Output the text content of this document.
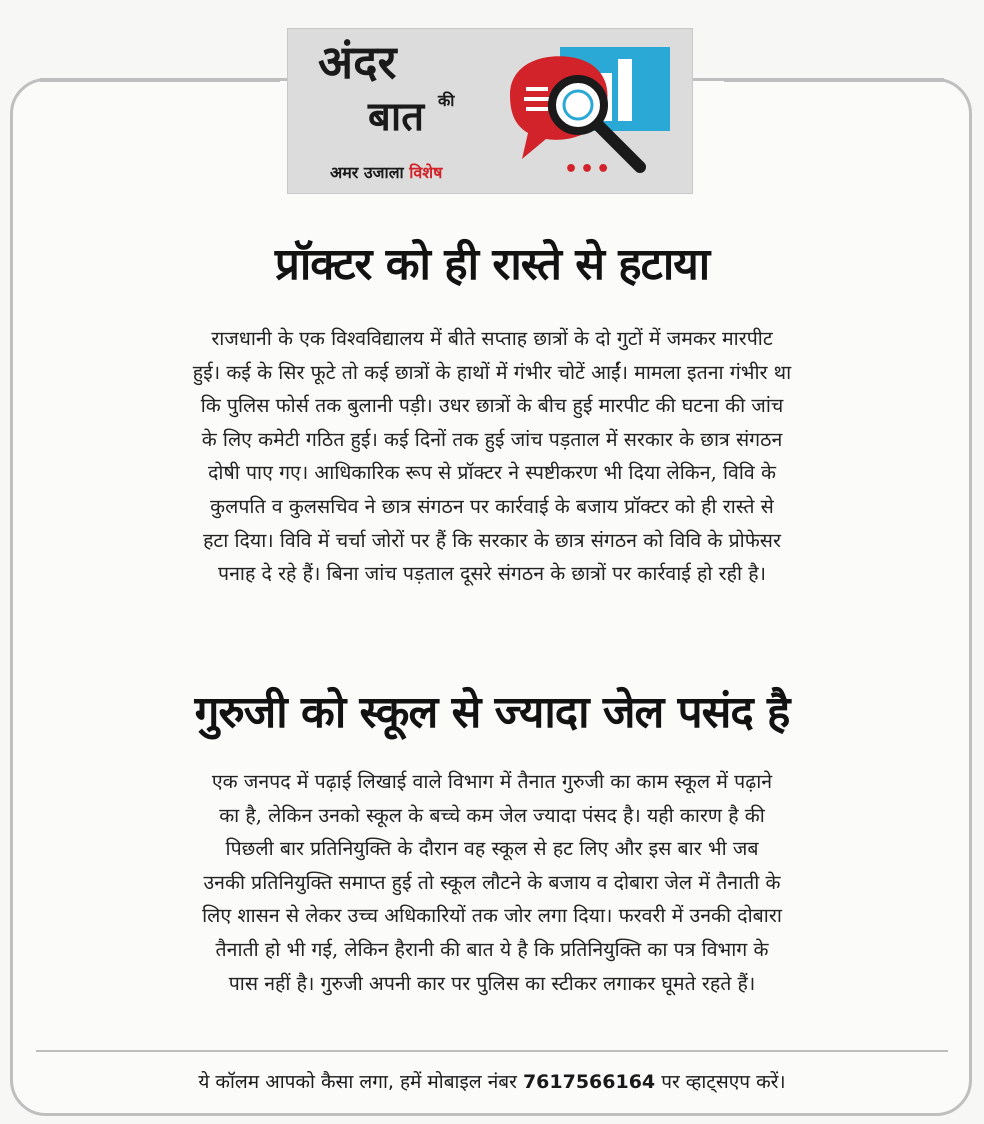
अंदर
बात की
अमर उजाला विशेष	•••
प्रॉक्टर को ही रास्ते से हटाया
राजधानी के एक विश्वविद्यालय में बीते सप्ताह छात्रों के दो गुटों में जमकर मारपीट
हुई। कई के सिर फूटे तो कई छात्रों के हाथों में गंभीर चोटें आईं। मामला इतना गंभीर था
कि पुलिस फोर्स तक बुलानी पड़ी। उधर छात्रों के बीच हुई मारपीट की घटना की जांच
के लिए कमेटी गठित हुई। कई दिनों तक हुई जांच पड़ताल में सरकार के छात्र संगठन
दोषी पाए गए। आधिकारिक रूप से प्रॉक्टर ने स्पष्टीकरण भी दिया लेकिन, विवि के
कुलपति व कुलसचिव ने छात्र संगठन पर कार्रवाई के बजाय प्रॉक्टर को ही रास्ते से
हटा दिया। विवि में चर्चा जोरों पर हैं कि सरकार के छात्र संगठन को विवि के प्रोफेसर
पनाह दे रहे हैं। बिना जांच पड़ताल दूसरे संगठन के छात्रों पर कार्रवाई हो रही है।
गुरुजी को स्कूल से ज्यादा जेल पसंद है
एक जनपद में पढ़ाई लिखाई वाले विभाग में तैनात गुरुजी का काम स्कूल में पढ़ाने
का है, लेकिन उनको स्कूल के बच्चे कम जेल ज्यादा पंसद है। यही कारण है की
पिछली बार प्रतिनियुक्ति के दौरान वह स्कूल से हट लिए और इस बार भी जब
उनकी प्रतिनियुक्ति समाप्त हुई तो स्कूल लौटने के बजाय व दोबारा जेल में तैनाती के
लिए शासन से लेकर उच्च अधिकारियों तक जोर लगा दिया। फरवरी में उनकी दोबारा
तैनाती हो भी गई, लेकिन हैरानी की बात ये है कि प्रतिनियुक्ति का पत्र विभाग के
पास नहीं है। गुरुजी अपनी कार पर पुलिस का स्टीकर लगाकर घूमते रहते हैं।
ये कॉलम आपको कैसा लगा, हमें मोबाइल नंबर 7617566164 पर व्हाट्सएप करें।
